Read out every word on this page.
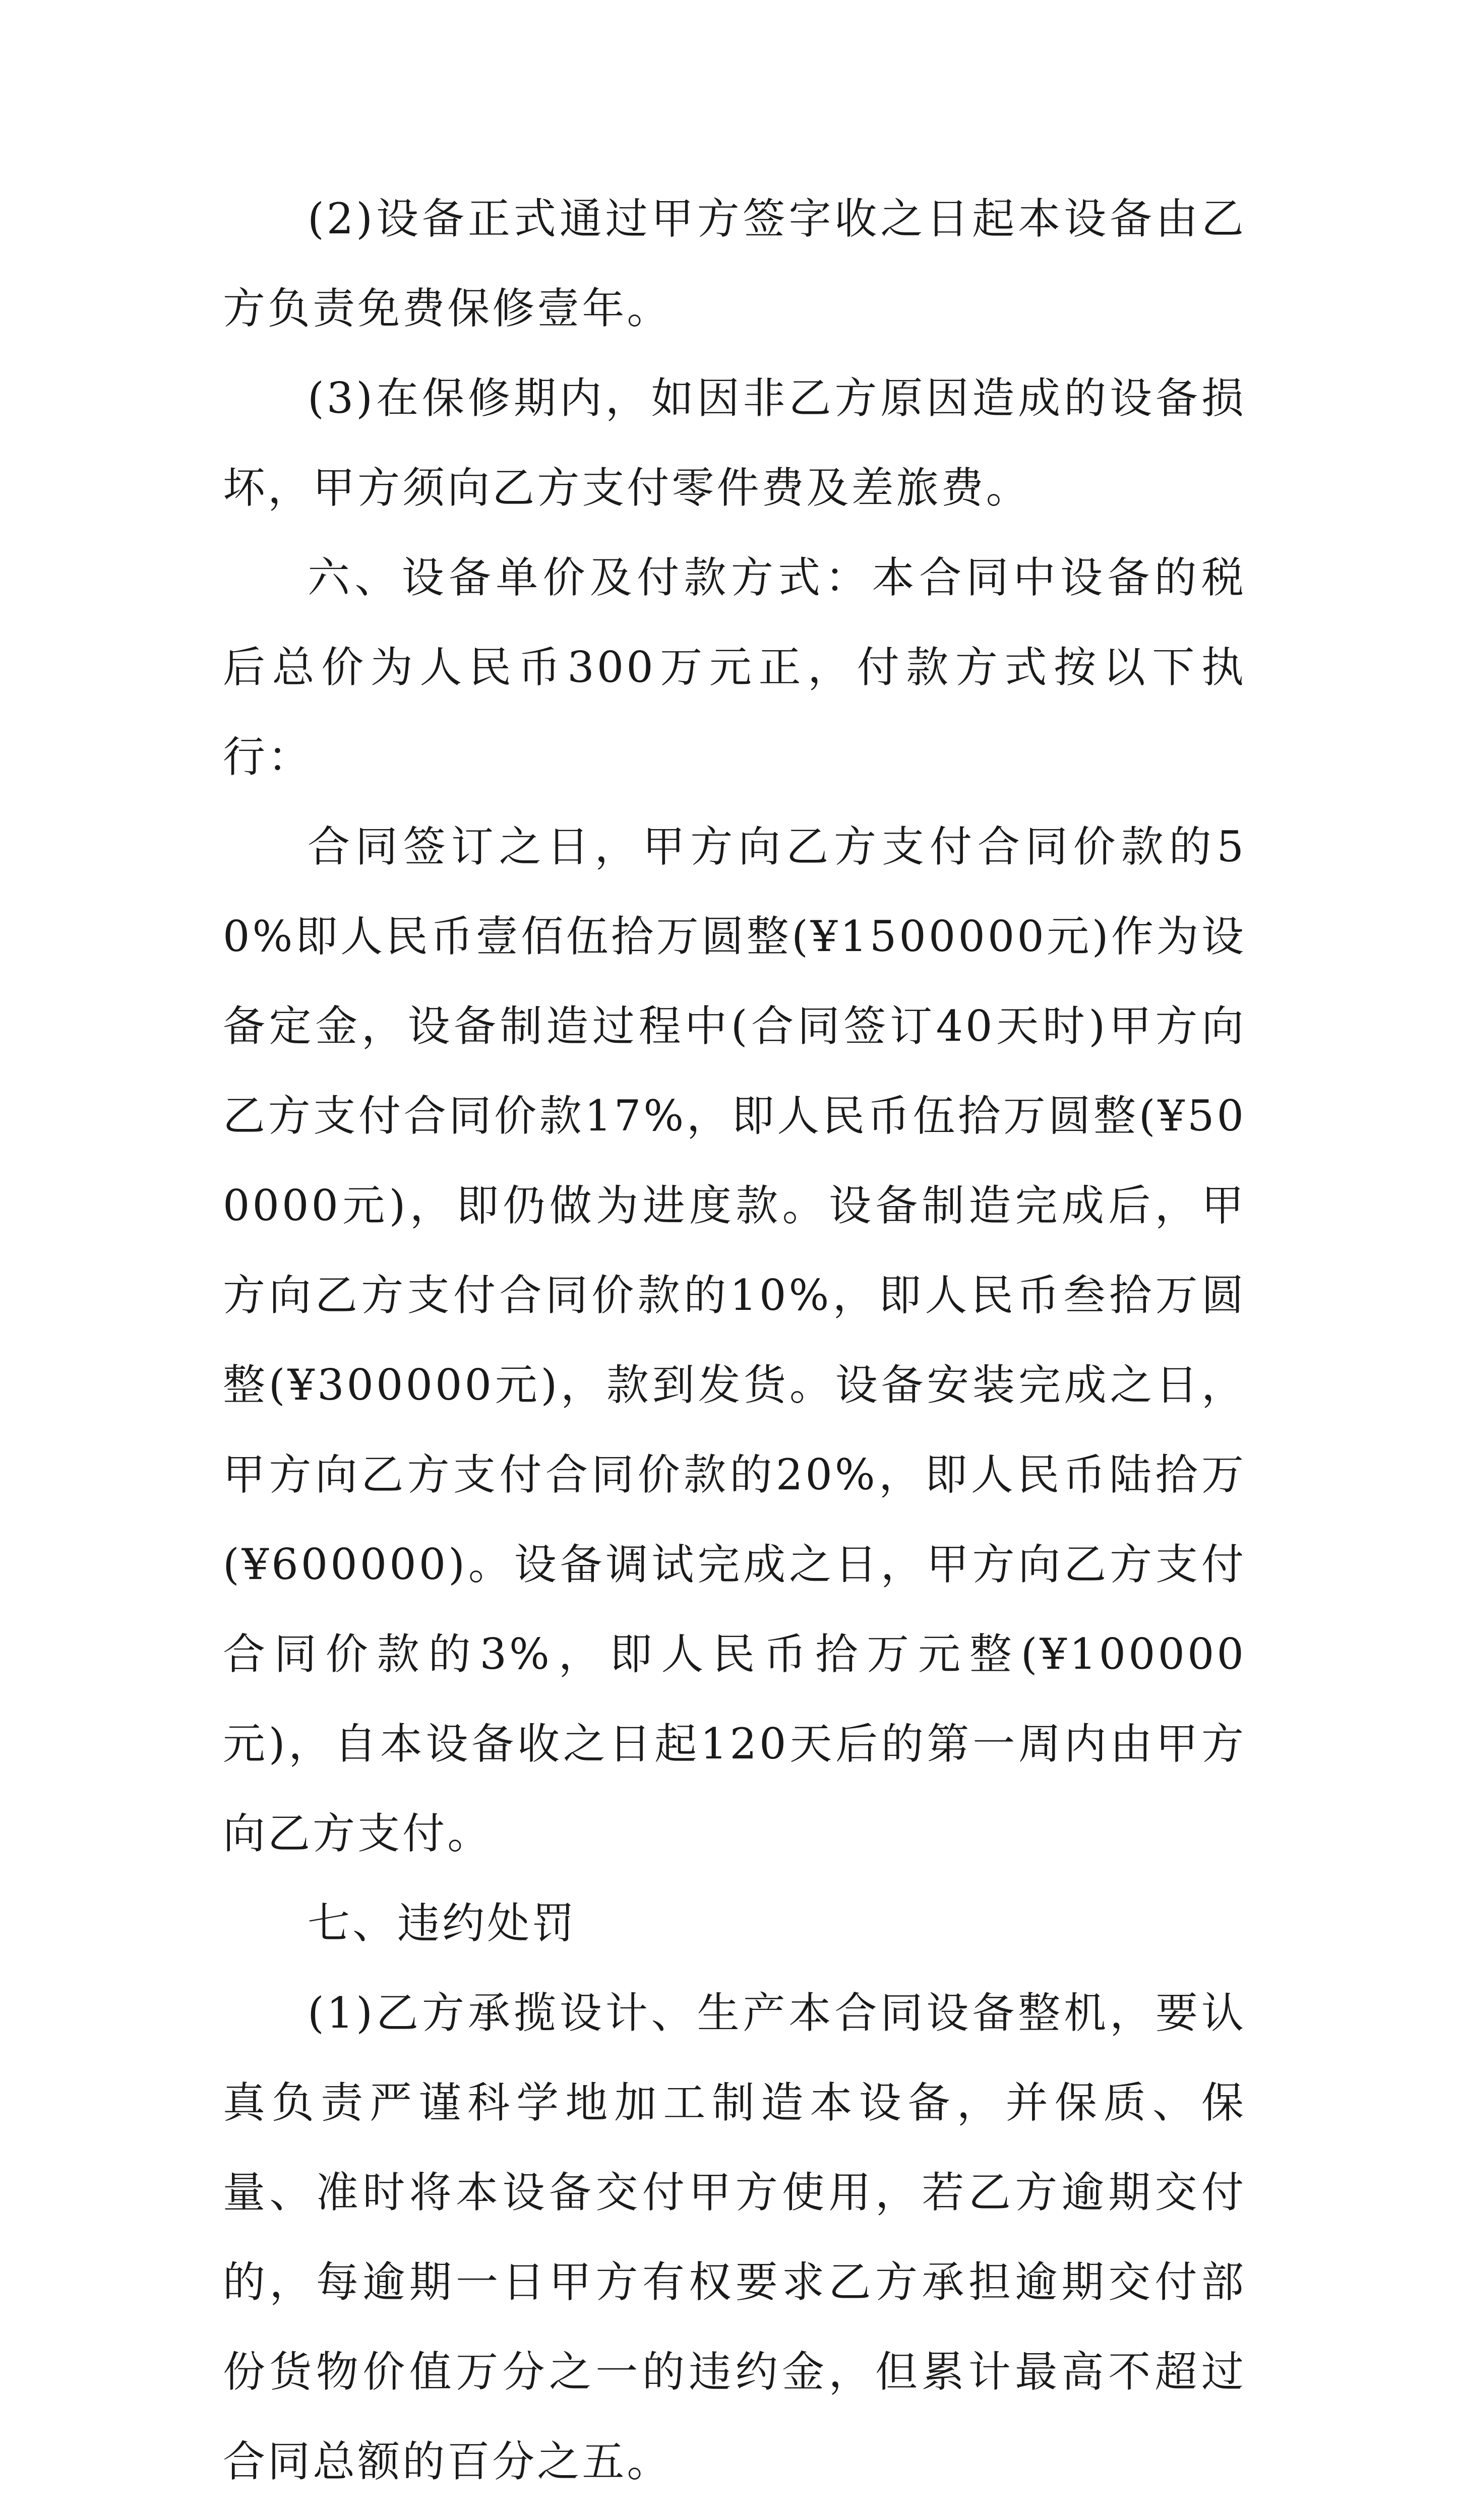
(2)设备正式通过甲方签字收之日起本设备由乙方负责免费保修壹年。

(3)在保修期内，如因非乙方原因造成的设备损坏，甲方须向乙方支付零件费及差旅费。

六、设备单价及付款方式：本合同中设备的税后总价为人民币300万元正，付款方式按以下执行：

合同签订之日，甲方向乙方支付合同价款的50%即人民币壹佰伍拾万圆整(¥1500000元)作为设备定金，设备制造过程中(合同签订40天时)甲方向乙方支付合同价款17%，即人民币伍拾万圆整(¥500000元)，即仍做为进度款。设备制造完成后，甲方向乙方支付合同价款的10%，即人民币叁拾万圆整(¥300000元)，款到发货。设备安装完成之日，甲方向乙方支付合同价款的20%，即人民币陆拾万(¥600000)。设备调试完成之日，甲方向乙方支付合同价款的3%，即人民币拾万元整(¥100000元)，自本设备收之日起120天后的第一周内由甲方向乙方支付。

七、违约处罚

(1)乙方承揽设计、生产本合同设备整机，要认真负责严谨科学地加工制造本设备，并保质、保量、准时将本设备交付甲方使用，若乙方逾期交付的，每逾期一日甲方有权要求乙方承担逾期交付部份货物价值万分之一的违约金，但累计最高不超过合同总额的百分之五。
